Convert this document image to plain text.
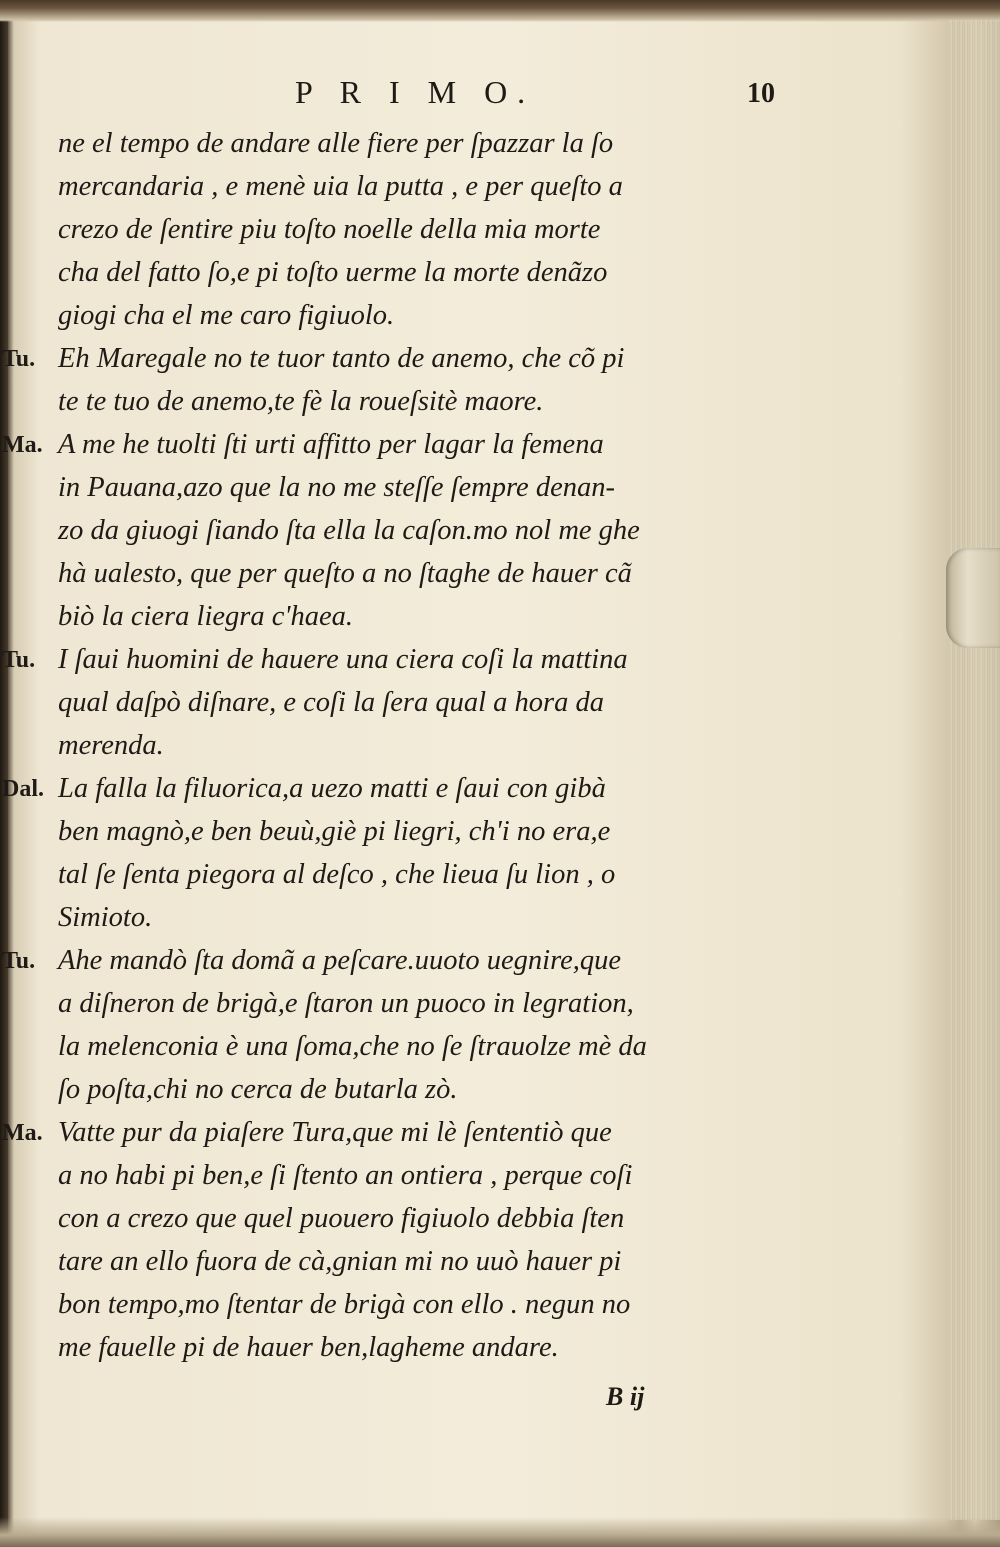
P R I M O.	10
ne el tempo de andare alle fiere per ſpazzar la ſo
mercandaria , e menè uia la putta , e per queſto a
crezo de ſentire piu toſto noelle della mia morte
cha del fatto ſo,e pi toſto uerme la morte denãzo
giogi cha el me caro figiuolo.
Tu. Eh Maregale no te tuor tanto de anemo, che cõ pi
te te tuo de anemo,te fè la roueſsitè maore.
Ma. A me he tuolti ſti urti affitto per lagar la femena
in Pauana,azo que la no me steſſe ſempre denan-
zo da giuogi ſiando ſta ella la caſon.mo nol me ghe
hà ualesto, que per queſto a no ſtaghe de hauer cã
biò la ciera liegra c'haea.
Tu. I ſaui huomini de hauere una ciera coſi la mattina
qual daſpò diſnare, e coſi la ſera qual a hora da
merenda.
Dal. La falla la filuorica,a uezo matti e ſaui con gibà
ben magnò,e ben beuù,giè pi liegri, ch'i no era,e
tal ſe ſenta piegora al deſco , che lieua ſu lion , o
Simioto.
Tu. Ahe mandò ſta domã a peſcare.uuoto uegnire,que
a diſneron de brigà,e ſtaron un puoco in legration,
la melenconia è una ſoma,che no ſe ſtrauolze mè da
ſo poſta,chi no cerca de butarla zò.
Ma. Vatte pur da piaſere Tura,que mi lè ſententiò que
a no habi pi ben,e ſi ſtento an ontiera , perque coſi
con a crezo que quel puouero figiuolo debbia ſten
tare an ello fuora de cà,gnian mi no uuò hauer pi
bon tempo,mo ſtentar de brigà con ello . negun no
me fauelle pi de hauer ben,lagheme andare.
B ij
